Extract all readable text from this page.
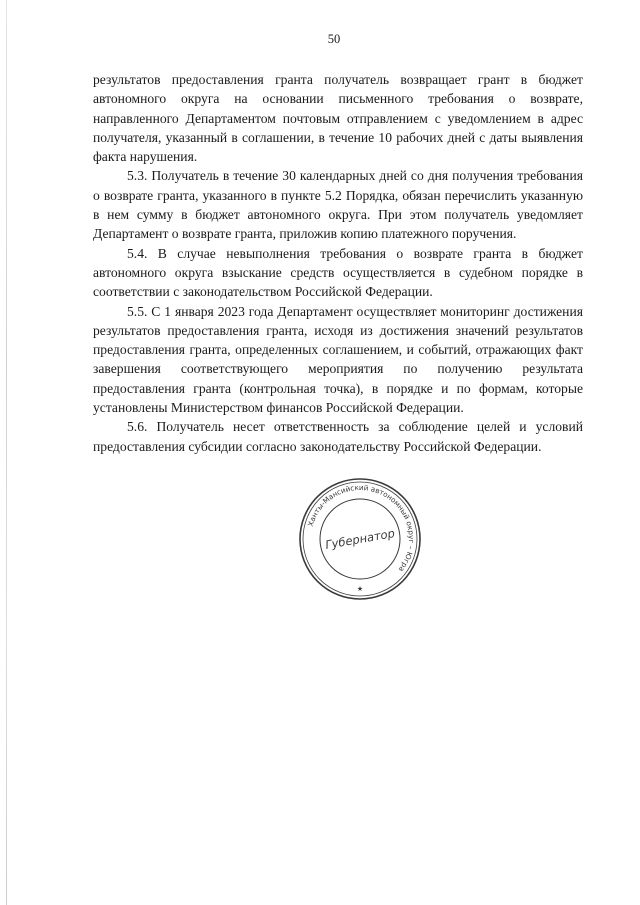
50

результатов предоставления гранта получатель возвращает грант в бюджет автономного округа на основании письменного требования о возврате, направленного Департаментом почтовым отправлением с уведомлением в адрес получателя, указанный в соглашении, в течение 10 рабочих дней с даты выявления факта нарушения.

5.3. Получатель в течение 30 календарных дней со дня получения требования о возврате гранта, указанного в пункте 5.2 Порядка, обязан перечислить указанную в нем сумму в бюджет автономного округа. При этом получатель уведомляет Департамент о возврате гранта, приложив копию платежного поручения.

5.4. В случае невыполнения требования о возврате гранта в бюджет автономного округа взыскание средств осуществляется в судебном порядке в соответствии с законодательством Российской Федерации.

5.5. С 1 января 2023 года Департамент осуществляет мониторинг достижения результатов предоставления гранта, исходя из достижения значений результатов предоставления гранта, определенных соглашением, и событий, отражающих факт завершения соответствующего мероприятия по получению результата предоставления гранта (контрольная точка), в порядке и по формам, которые установлены Министерством финансов Российской Федерации.

5.6. Получатель несет ответственность за соблюдение целей и условий предоставления субсидии согласно законодательству Российской Федерации.

Ханты-Мансийский автономный округ – Югра
Губернатор
★
